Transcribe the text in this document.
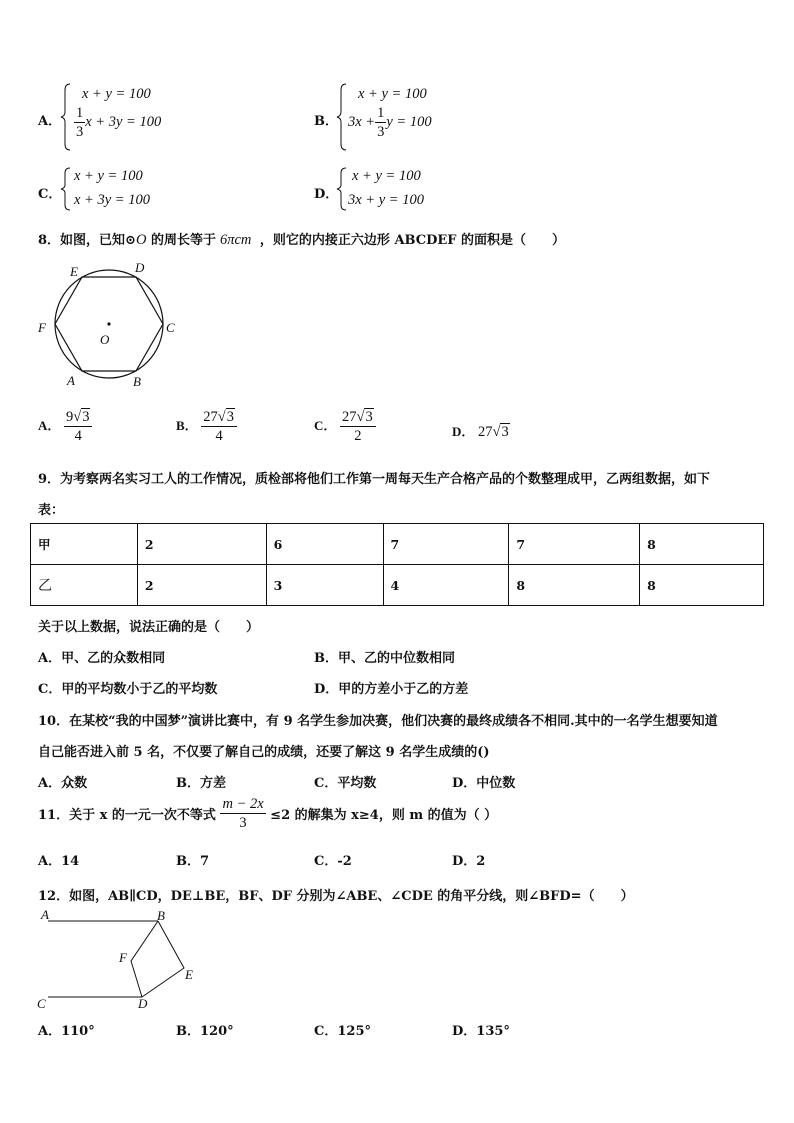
A．
x + y = 100
$\frac{1}{3}$ x + 3y = 100	B．
x + y = 100
$3x + \frac{1}{3}$ y = 100
C．
x + y = 100
x + 3y = 100	D．
x + y = 100
3x + y = 100
8．如图，已知⊙O 的周长等于 6πcm ，则它的内接正六边形 ABCDEF 的面积是（　　）
E	D
F	C
O
A	B
A． $\frac{9√3}{4}$	B． $\frac{27√3}{4}$	C． $\frac{27√3}{2}$	D． 27√3
9．为考察两名实习工人的工作情况，质检部将他们工作第一周每天生产合格产品的个数整理成甲，乙两组数据，如下
表：
甲	2	6	7	7	8
乙	2	3	4	8	8
关于以上数据，说法正确的是（　　）
A．甲、乙的众数相同	B．甲、乙的中位数相同
C．甲的平均数小于乙的平均数	D．甲的方差小于乙的方差
10．在某校“我的中国梦”演讲比赛中，有 9 名学生参加决赛，他们决赛的最终成绩各不相同.其中的一名学生想要知道
自己能否进入前 5 名，不仅要了解自己的成绩，还要了解这 9 名学生成绩的()
A．众数	B．方差	C．平均数	D．中位数
11．关于 x 的一元一次不等式 $\frac{m - 2x}{3} \le 2$ 的解集为 x≥4，则 m 的值为（ ）
A．14	B．7	C．-2	D．2
12．如图，AB∥CD，DE⊥BE，BF、DF 分别为∠ABE、∠CDE 的角平分线，则∠BFD=（　　）
A	B
F
E
C	D
A．110°	B．120°	C．125°	D．135°
